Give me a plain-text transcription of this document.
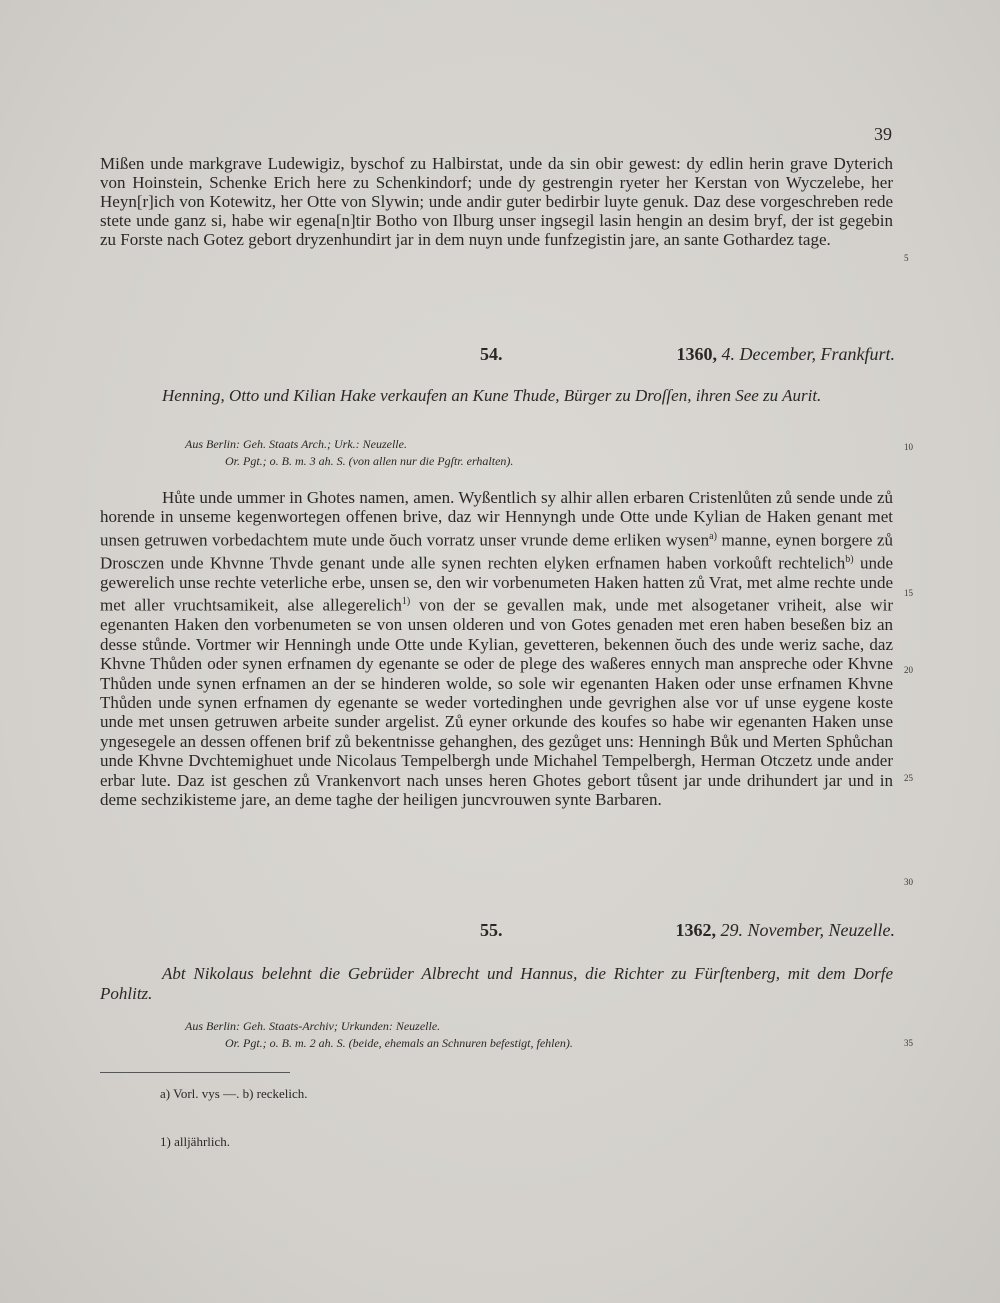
39

Mißen unde markgrave Ludewigiz, byschof zu Halbirstat, unde da sin obir gewest: dy edlin herin grave Dyterich von Hoinstein, Schenke Erich here zu Schenkindorf; unde dy gestrengin ryeter her Kerstan von Wyczelebe, her Heyn[r]ich von Kotewitz, her Otte von Slywin; unde andir guter bedirbir luyte genuk. Daz dese vorgeschreben rede stete unde ganz si, habe wir egena[n]tir Botho von Ilburg unser ingsegil lasin hengin an desim bryf, der ist gegebin zu Forste nach Gotez gebort dryzenhundirt jar in dem nuyn unde funfzegistin jare, an sante Gothardez tage.

54.	1360, 4. December, Frankfurt.
Henning, Otto und Kilian Hake verkaufen an Kune Thude, Bürger zu Droſſen, ihren See zu Aurit.
Aus Berlin: Geh. Staats Arch.; Urk.: Neuzelle.
Or. Pgt.; o. B. m. 3 ah. S. (von allen nur die Pgſtr. erhalten).

Hůte unde ummer in Ghotes namen, amen. Wyßentlich sy alhir allen erbaren Cristenlůten zů sende unde zů horende in unseme kegenwortegen offenen brive, daz wir Hennyngh unde Otte unde Kylian de Haken genant met unsen getruwen vorbedachtem mute unde ŏuch vorratz unser vrunde deme erliken wysen$^{a)}$ manne, eynen borgere zů Drosczen unde Khvnne Thvde genant unde alle synen rechten elyken erfnamen haben vorkoůft rechtelich$^{b)}$ unde gewerelich unse rechte veterliche erbe, unsen se, den wir vorbenumeten Haken hatten zů Vrat, met alme rechte unde met aller vruchtsamikeit, alse allegerelich$^{1)}$ von der se gevallen mak, unde met alsogetaner vriheit, alse wir egenanten Haken den vorbenumeten se von unsen olderen und von Gotes genaden met eren haben beseßen biz an desse stůnde. Vortmer wir Henningh unde Otte unde Kylian, gevetteren, bekennen ŏuch des unde weriz sache, daz Khvne Thůden oder synen erfnamen dy egenante se oder de plege des waßeres ennych man anspreche oder Khvne Thůden unde synen erfnamen an der se hinderen wolde, so sole wir egenanten Haken oder unse erfnamen Khvne Thůden unde synen erfnamen dy egenante se weder vortedinghen unde gevrighen alse vor uf unse eygene koste unde met unsen getruwen arbeite sunder argelist. Zů eyner orkunde des koufes so habe wir egenanten Haken unse yngesegele an dessen offenen brif zů bekentnisse gehanghen, des gezůget uns: Henningh Bůk und Merten Sphůchan unde Khvne Dvchtemighuet unde Nicolaus Tempelbergh unde Michahel Tempelbergh, Herman Otczetz unde ander erbar lute. Daz ist geschen zů Vrankenvort nach unses heren Ghotes gebort tůsent jar unde drihundert jar und in deme sechzikisteme jare, an deme taghe der heiligen juncvrouwen synte Barbaren.

55.	1362, 29. November, Neuzelle.
Abt Nikolaus belehnt die Gebrüder Albrecht und Hannus, die Richter zu Fürſtenberg, mit dem Dorfe Pohlitz.
Aus Berlin: Geh. Staats-Archiv; Urkunden: Neuzelle.
Or. Pgt.; o. B. m. 2 ah. S. (beide, ehemals an Schnuren befestigt, fehlen).
5
10
15
20
25
30
35
a) Vorl. vys —. b) reckelich.
1) alljährlich.
